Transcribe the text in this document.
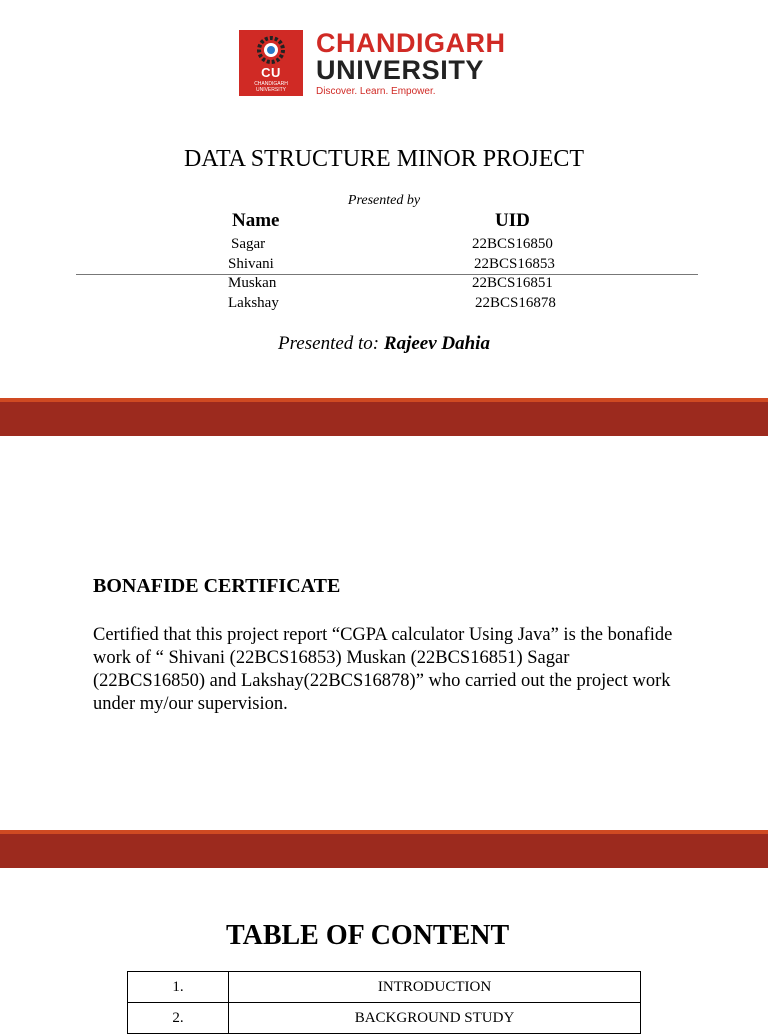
CU
CHANDIGARH UNIVERSITY
CHANDIGARH
UNIVERSITY
Discover. Learn. Empower.
DATA STRUCTURE MINOR PROJECT
Presented by
Name	UID
Sagar	22BCS16850
Shivani	22BCS16853
Muskan	22BCS16851
Lakshay	22BCS16878
Presented to: Rajeev Dahia
BONAFIDE CERTIFICATE
Certified that this project report “CGPA calculator Using Java” is the bonafide work of “ Shivani (22BCS16853) Muskan (22BCS16851) Sagar (22BCS16850) and Lakshay(22BCS16878)” who carried out the project work under my/our supervision.
TABLE OF CONTENT
1.	INTRODUCTION
2.	BACKGROUND STUDY
